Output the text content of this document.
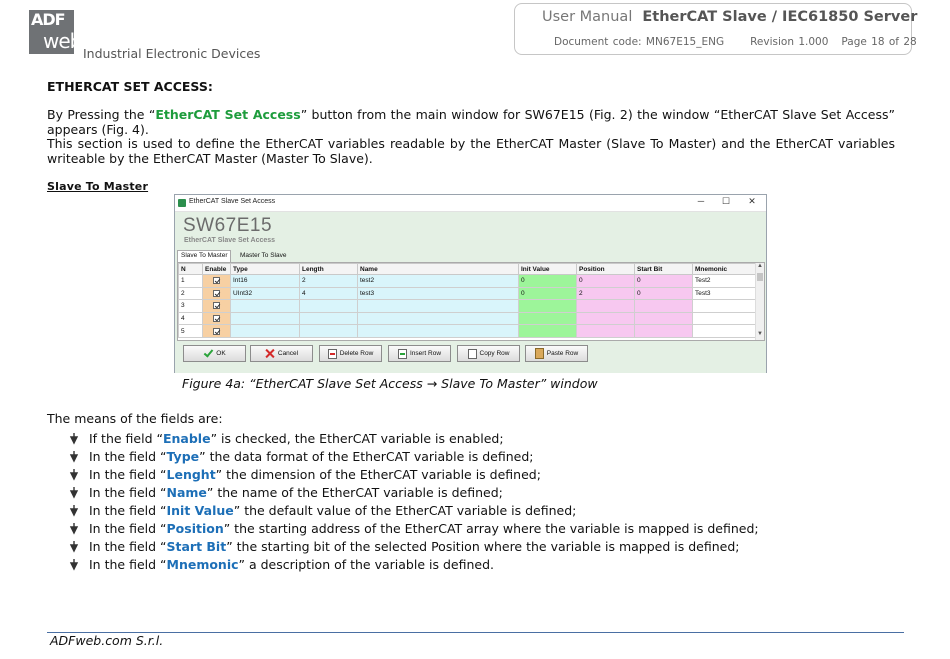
ADF
web
Industrial Electronic Devices
User Manual EtherCAT Slave / IEC61850 Server
Document code: MN67E15_ENG Revision 1.000 Page 18 of 28
ETHERCAT SET ACCESS:
By Pressing the “EtherCAT Set Access” button from the main window for SW67E15 (Fig. 2) the window “EtherCAT Slave Set Access” appears (Fig. 4).
This section is used to define the EtherCAT variables readable by the EtherCAT Master (Slave To Master) and the EtherCAT variables writeable by the EtherCAT Master (Master To Slave).
Slave To Master
EtherCAT Slave Set Access	─	☐	✕
SW67E15
EtherCAT Slave Set Access
Slave To Master	Master To Slave
N	Enable	Type	Length	Name	Init Value	Position	Start Bit	Mnemonic
1		Int16	2	test2	0	0	0	Test2
2		UInt32	4	test3	0	2	0	Test3
3								
4								
5								
▲
▼
OK	Cancel	Delete Row	Insert Row	Copy Row	Paste Row
Figure 4a: “EtherCAT Slave Set Access → Slave To Master” window
The means of the fields are:
If the field “Enable” is checked, the EtherCAT variable is enabled;
In the field “Type” the data format of the EtherCAT variable is defined;
In the field “Lenght” the dimension of the EtherCAT variable is defined;
In the field “Name” the name of the EtherCAT variable is defined;
In the field “Init Value” the default value of the EtherCAT variable is defined;
In the field “Position” the starting address of the EtherCAT array where the variable is mapped is defined;
In the field “Start Bit” the starting bit of the selected Position where the variable is mapped is defined;
In the field “Mnemonic” a description of the variable is defined.
ADFweb.com S.r.l.
